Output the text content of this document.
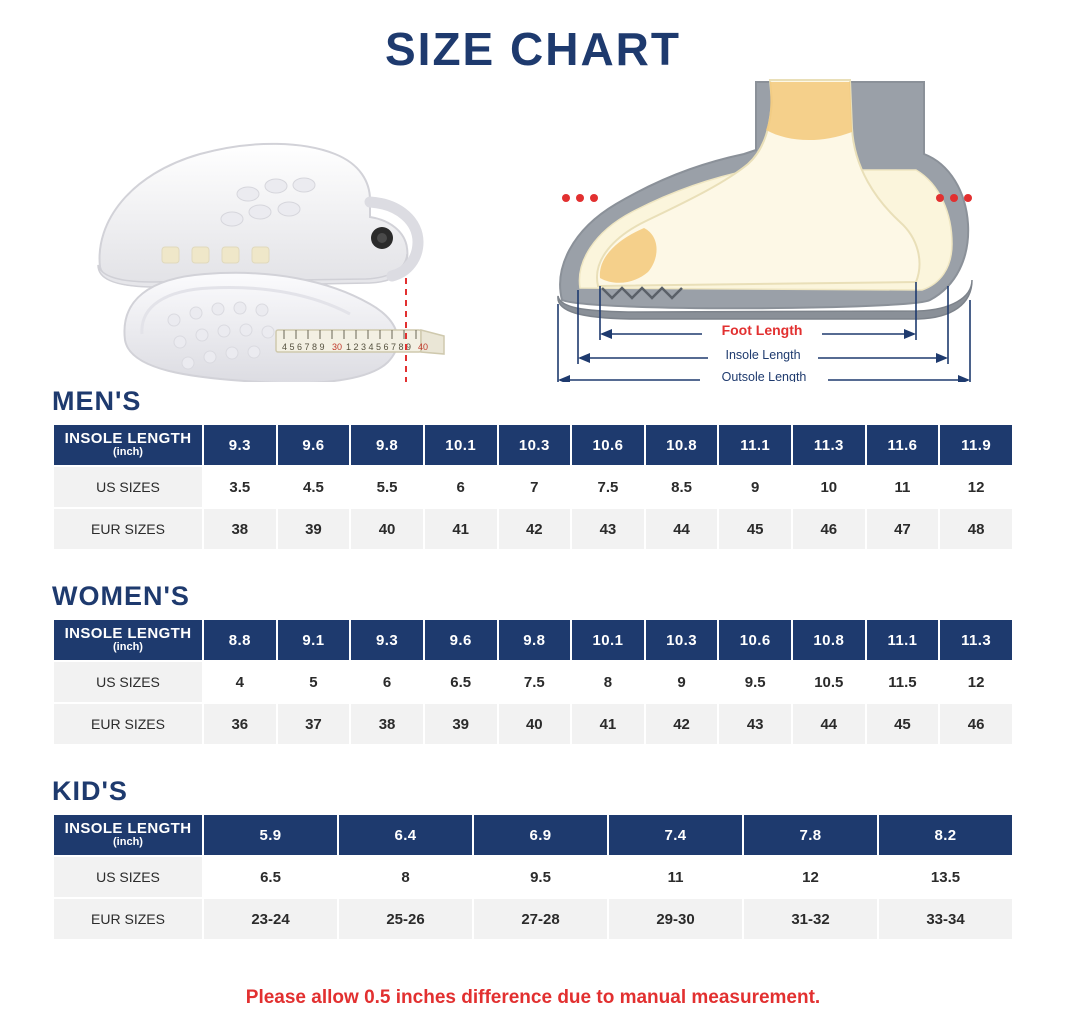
SIZE CHART
4 5 6 7 8 9 30 1 2 3 4 5 6 7 8 9 40
Foot Length
Insole Length
Outsole Length
MEN'S
INSOLE LENGTH
(inch)	9.3	9.6	9.8	10.1	10.3	10.6	10.8	11.1	11.3	11.6	11.9
US SIZES	3.5	4.5	5.5	6	7	7.5	8.5	9	10	11	12
EUR SIZES	38	39	40	41	42	43	44	45	46	47	48
WOMEN'S
INSOLE LENGTH
(inch)	8.8	9.1	9.3	9.6	9.8	10.1	10.3	10.6	10.8	11.1	11.3
US SIZES	4	5	6	6.5	7.5	8	9	9.5	10.5	11.5	12
EUR SIZES	36	37	38	39	40	41	42	43	44	45	46
KID'S
INSOLE LENGTH
(inch)	5.9	6.4	6.9	7.4	7.8	8.2
US SIZES	6.5	8	9.5	11	12	13.5
EUR SIZES	23-24	25-26	27-28	29-30	31-32	33-34
Please allow 0.5 inches difference due to manual measurement.
